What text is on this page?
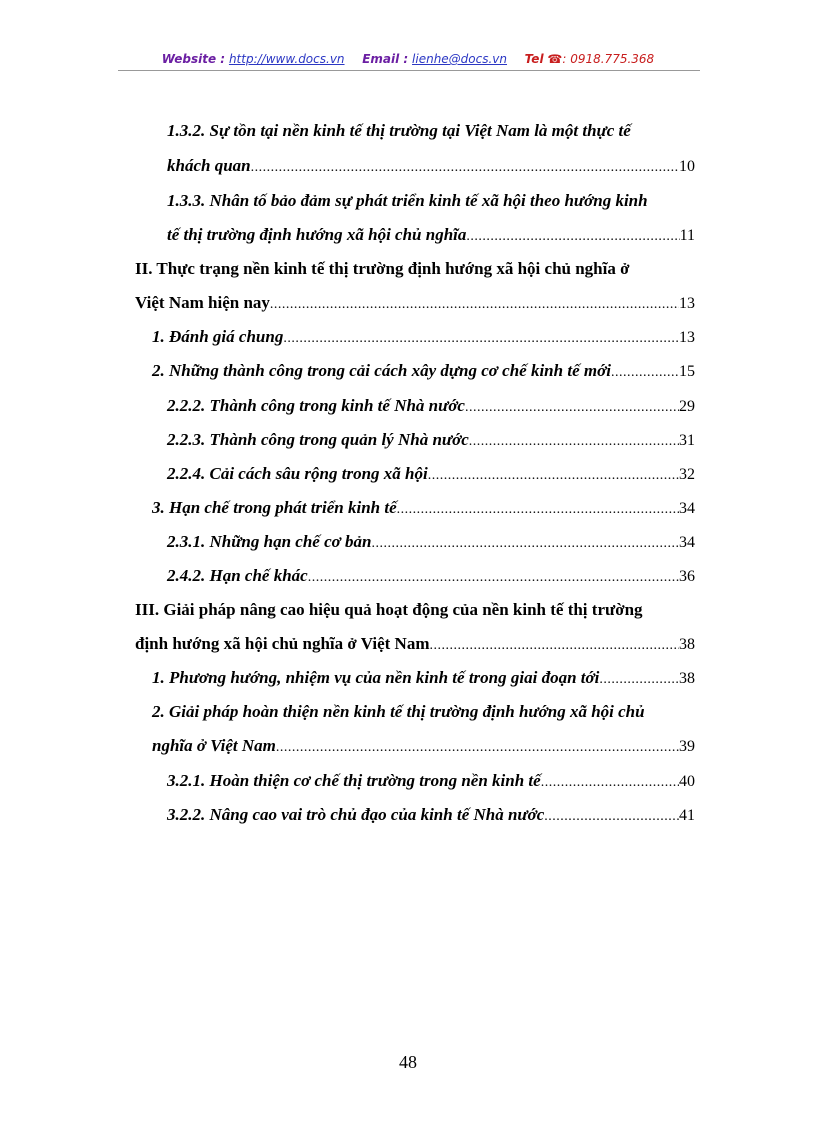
Website : http://www.docs.vn Email : lienhe@docs.vn Tel ☎: 0918.775.368
1.3.2. Sự tồn tại nền kinh tế thị trường tại Việt Nam là một thực tế
khách quan .....	10
1.3.3. Nhân tố bảo đảm sự phát triển kinh tế xã hội theo hướng kinh
tế thị trường định hướng xã hội chủ nghĩa .....	11
II. Thực trạng nền kinh tế thị trường định hướng xã hội chủ nghĩa ở
Việt Nam hiện nay .....	13
1. Đánh giá chung .....	13
2. Những thành công trong cải cách xây dựng cơ chế kinh tế mới .....	15
2.2.2. Thành công trong kinh tế Nhà nước .....	29
2.2.3. Thành công trong quản lý Nhà nước .....	31
2.2.4. Cải cách sâu rộng trong xã hội .....	32
3. Hạn chế trong phát triển kinh tế .....	34
2.3.1. Những hạn chế cơ bản .....	34
2.4.2. Hạn chế khác .....	36
III. Giải pháp nâng cao hiệu quả hoạt động của nền kinh tế thị trường
định hướng xã hội chủ nghĩa ở Việt Nam .....	38
1. Phương hướng, nhiệm vụ của nền kinh tế trong giai đoạn tới .....	38
2. Giải pháp hoàn thiện nền kinh tế thị trường định hướng xã hội chủ
nghĩa ở Việt Nam .....	39
3.2.1. Hoàn thiện cơ chế thị trường trong nền kinh tế .....	40
3.2.2. Nâng cao vai trò chủ đạo của kinh tế Nhà nước .....	41
48
